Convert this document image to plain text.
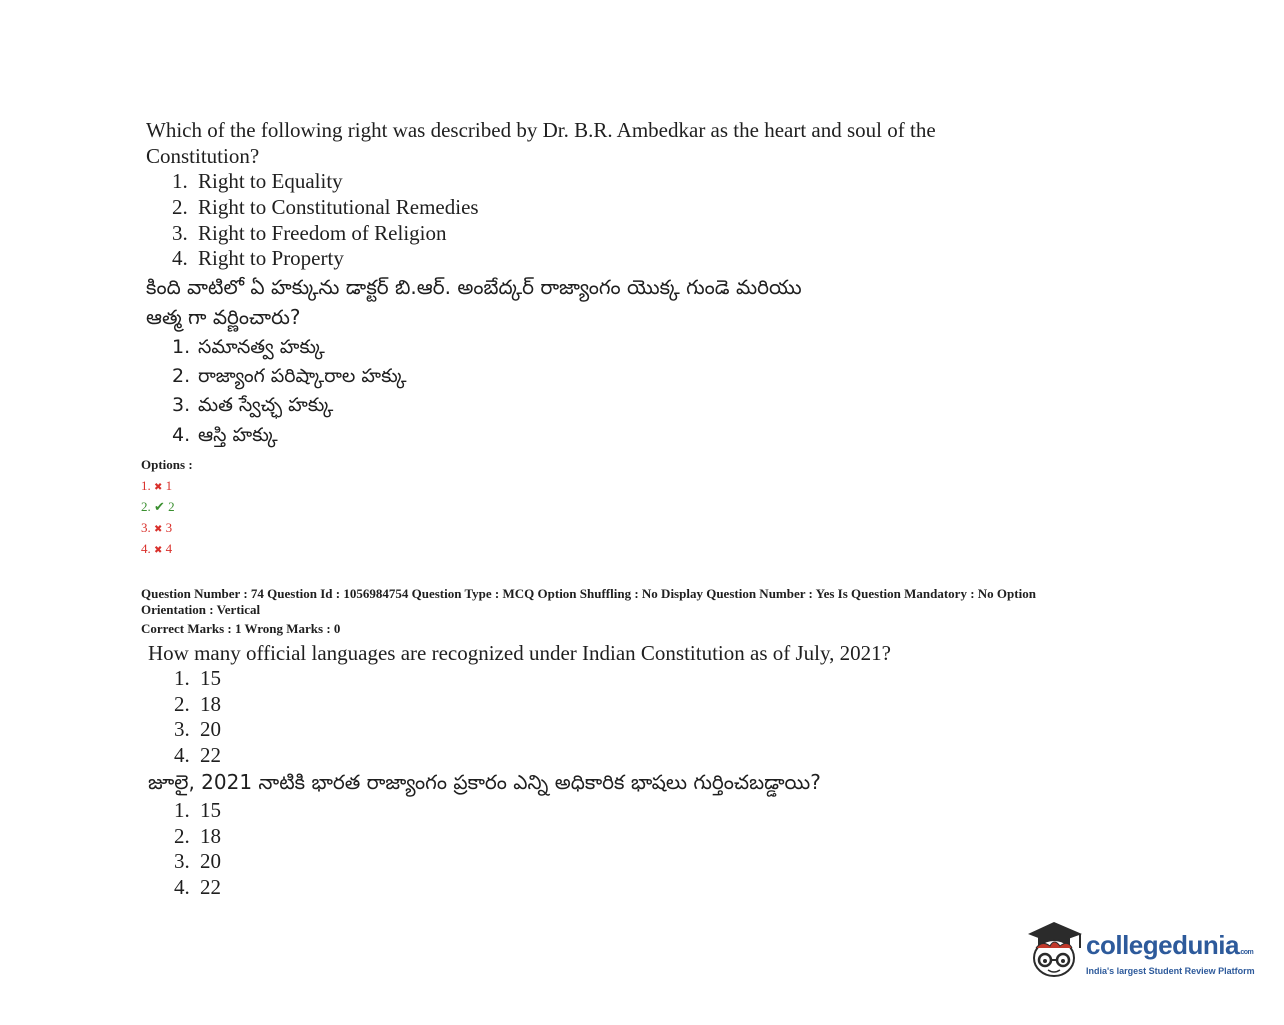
Which of the following right was described by Dr. B.R. Ambedkar as the heart and soul of the
Constitution?
1. Right to Equality
2. Right to Constitutional Remedies
3. Right to Freedom of Religion
4. Right to Property
కింది వాటిలో ఏ హక్కును డాక్టర్ బి.ఆర్. అంబేద్కర్ రాజ్యాంగం యొక్క గుండె మరియు
ఆత్మ గా వర్ణించారు?
1. సమానత్వ హక్కు
2. రాజ్యాంగ పరిష్కారాల హక్కు
3. మత స్వేచ్ఛ హక్కు
4. ఆస్తి హక్కు
Options :
1. ✖ 1
2. ✔ 2
3. ✖ 3
4. ✖ 4
Question Number : 74 Question Id : 1056984754 Question Type : MCQ Option Shuffling : No Display Question Number : Yes Is Question Mandatory : No Option
Orientation : Vertical
Correct Marks : 1 Wrong Marks : 0
How many official languages are recognized under Indian Constitution as of July, 2021?
1. 15
2. 18
3. 20
4. 22
జూలై, 2021 నాటికి భారత రాజ్యాంగం ప్రకారం ఎన్ని అధికారిక భాషలు గుర్తించబడ్డాయి?
1. 15
2. 18
3. 20
4. 22
collegedunia.com
India's largest Student Review Platform
